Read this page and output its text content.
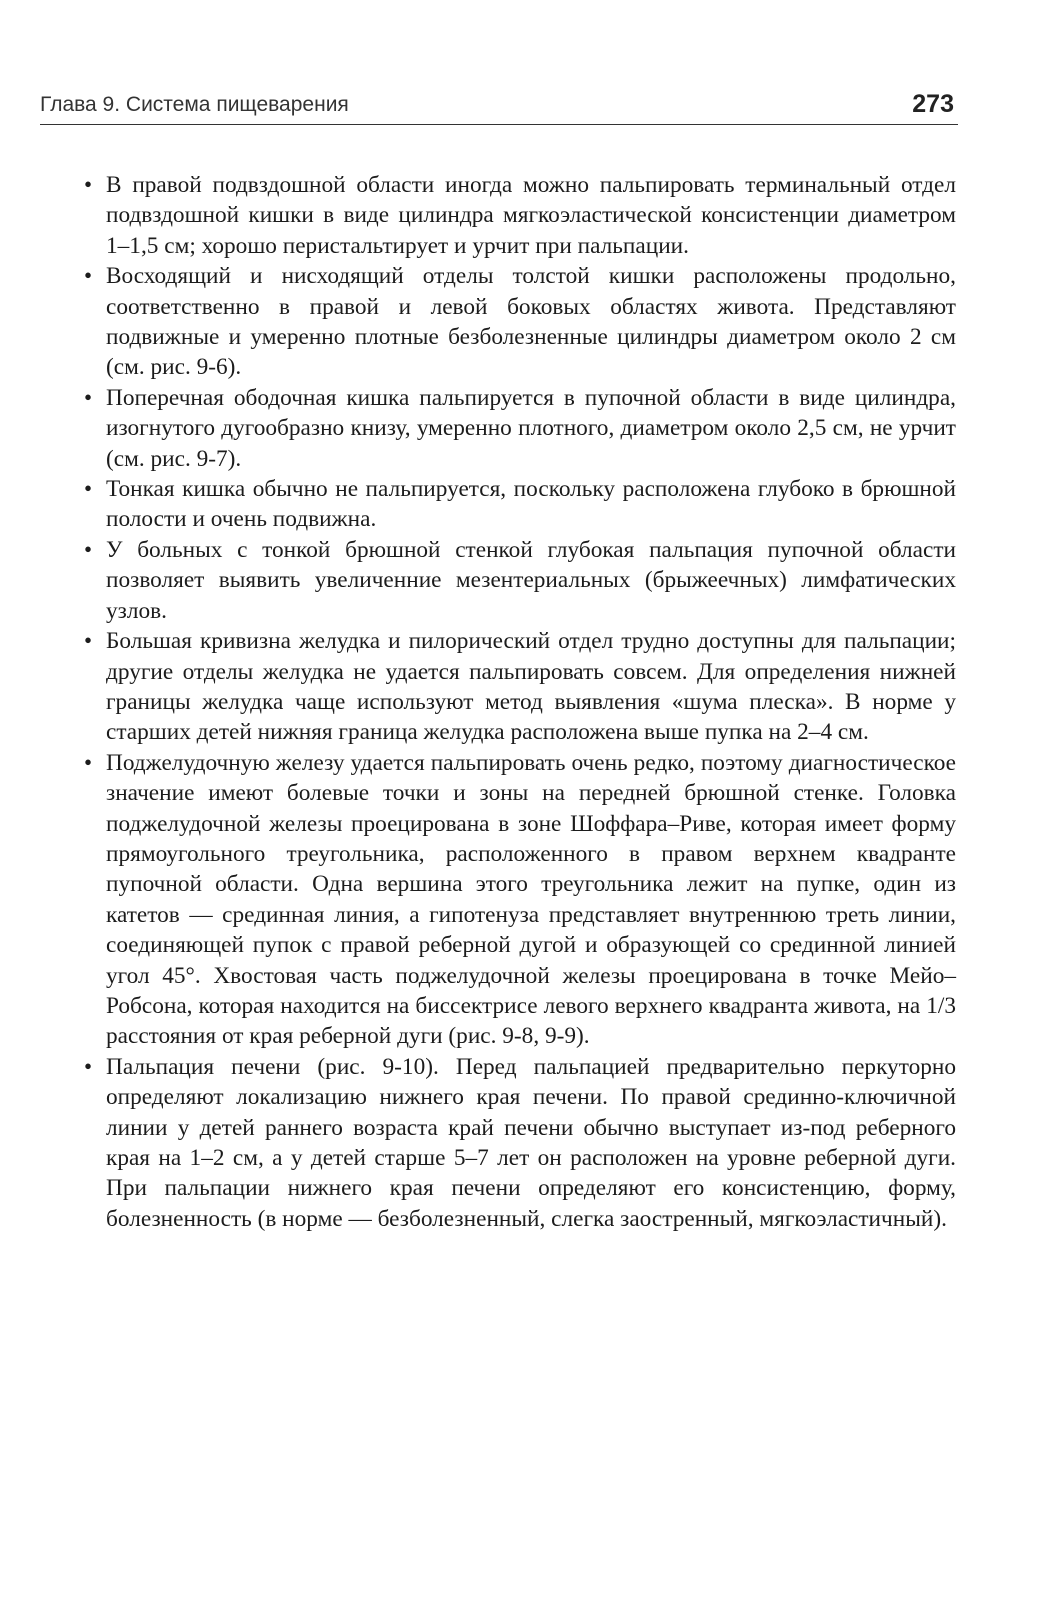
Глава 9. Система пищеварения	273
• В правой подвздошной области иногда можно пальпировать терминальный отдел подвздошной кишки в виде цилиндра мягкоэластической консистенции диаметром 1–1,5 см; хорошо перистальтирует и урчит при пальпации.
• Восходящий и нисходящий отделы толстой кишки расположены продольно, соответственно в правой и левой боковых областях живота. Представляют подвижные и умеренно плотные безболезненные цилиндры диаметром около 2 см (см. рис. 9-6).
• Поперечная ободочная кишка пальпируется в пупочной области в виде цилиндра, изогнутого дугообразно книзу, умеренно плотного, диаметром около 2,5 см, не урчит (см. рис. 9-7).
• Тонкая кишка обычно не пальпируется, поскольку расположена глубоко в брюшной полости и очень подвижна.
• У больных с тонкой брюшной стенкой глубокая пальпация пупочной области позволяет выявить увеличенние мезентериальных (брыжеечных) лимфатических узлов.
• Большая кривизна желудка и пилорический отдел трудно доступны для пальпации; другие отделы желудка не удается пальпировать совсем. Для определения нижней границы желудка чаще используют метод выявления «шума плеска». В норме у старших детей нижняя граница желудка расположена выше пупка на 2–4 см.
• Поджелудочную железу удается пальпировать очень редко, поэтому диагностическое значение имеют болевые точки и зоны на передней брюшной стенке. Головка поджелудочной железы проецирована в зоне Шоффара–Риве, которая имеет форму прямоугольного треугольника, расположенного в правом верхнем квадранте пупочной области. Одна вершина этого треугольника лежит на пупке, один из катетов — срединная линия, а гипотенуза представляет внутреннюю треть линии, соединяющей пупок с правой реберной дугой и образующей со срединной линией угол 45°. Хвостовая часть поджелудочной железы проецирована в точке Мейо–Робсона, которая находится на биссектрисе левого верхнего квадранта живота, на 1/3 расстояния от края реберной дуги (рис. 9-8, 9-9).
• Пальпация печени (рис. 9-10). Перед пальпацией предварительно перкуторно определяют локализацию нижнего края печени. По правой срединно-ключичной линии у детей раннего возраста край печени обычно выступает из-под реберного края на 1–2 см, а у детей старше 5–7 лет он расположен на уровне реберной дуги. При пальпации нижнего края печени определяют его консистенцию, форму, болезненность (в норме — безболезненный, слегка заостренный, мягкоэластичный).
